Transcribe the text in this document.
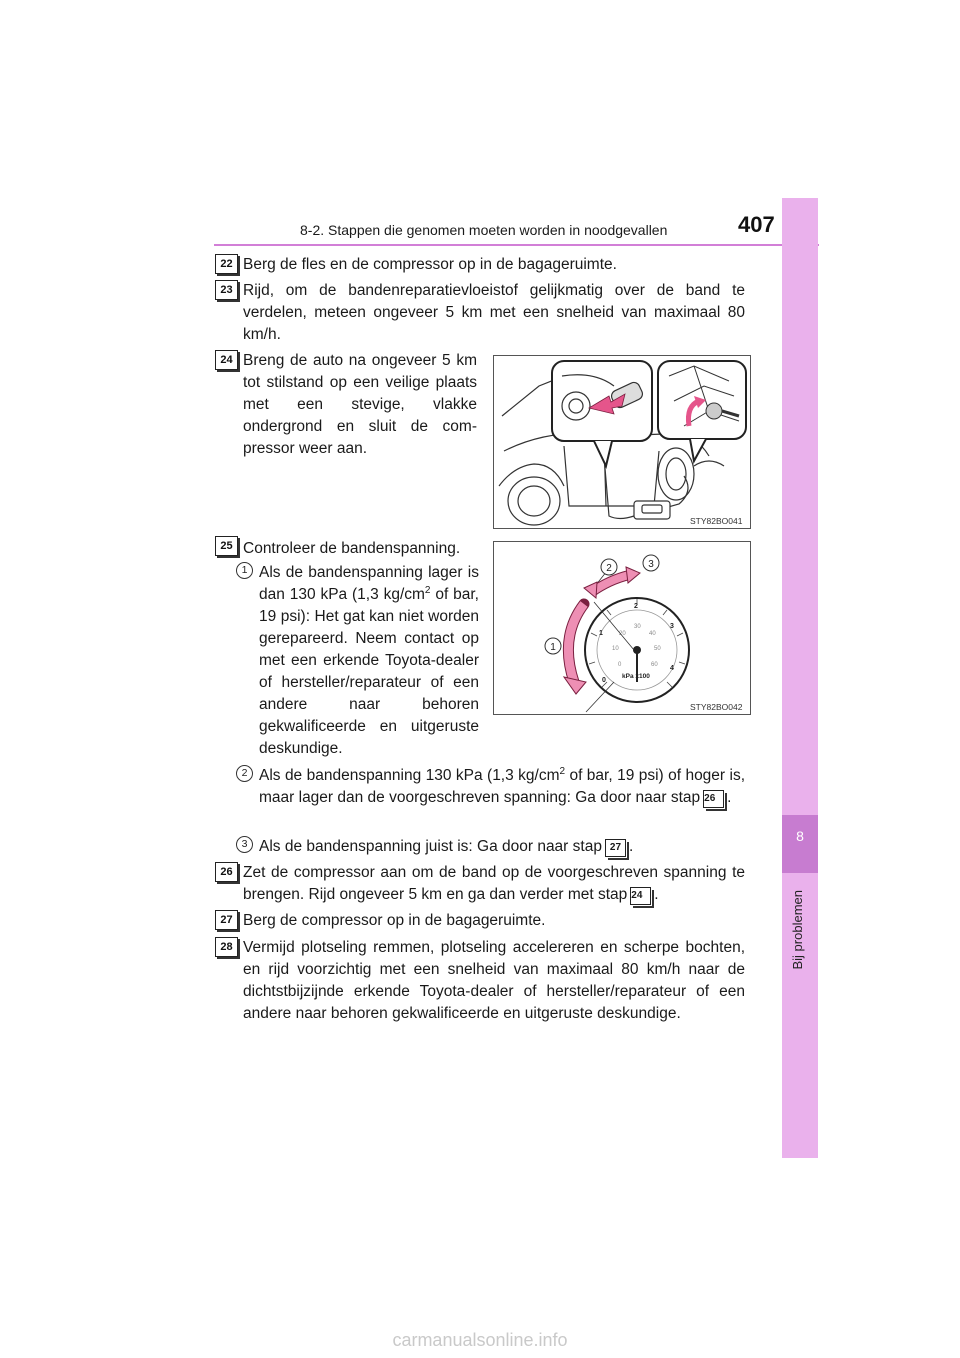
8-2. Stappen die genomen moeten worden in noodgevallen	407
8
Bij problemen
22 Berg de fles en de compressor op in de bagageruimte.
23 Rijd, om de bandenreparatievloeistof gelijkmatig over de band te verdelen, meteen ongeveer 5 km met een snelheid van maximaal 80 km/h.
24 Breng de auto na ongeveer 5 km tot stilstand op een veilige plaats met een stevige, vlakke ondergrond en sluit de compressor weer aan.
STY82BO041
25 Controleer de bandenspanning.
1 Als de bandenspanning lager is dan 130 kPa (1,3 $kg/cm^2$ of bar, 19 psi): Het gat kan niet worden gerepareerd. Neem contact op met een erkende Toyota-dealer of hersteller/reparateur of een andere naar behoren gekwalificeerde en uitgeruste deskundige.
0
1
2
3
4
0
10
20
30
40
50
60
kPa x100
1
2	3
STY82BO042
2 Als de bandenspanning 130 kPa (1,3 $kg/cm^2$ of bar, 19 psi) of hoger is, maar lager dan de voorgeschreven spanning: Ga door naar stap 26 .
3 Als de bandenspanning juist is: Ga door naar stap 27 .
26 Zet de compressor aan om de band op de voorgeschreven spanning te brengen. Rijd ongeveer 5 km en ga dan verder met stap 24 .
27 Berg de compressor op in de bagageruimte.
28 Vermijd plotseling remmen, plotseling accelereren en scherpe bochten, en rijd voorzichtig met een snelheid van maximaal 80 km/h naar de dichtstbijzijnde erkende Toyota-dealer of hersteller/reparateur of een andere naar behoren gekwalificeerde en uitgeruste deskundige.
carmanualsonline.info
